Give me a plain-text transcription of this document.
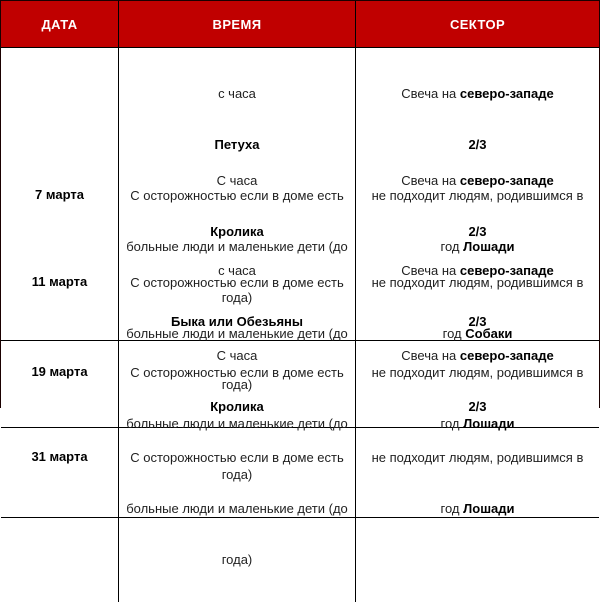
ДАТА	ВРЕМЯ	СЕКТОР
7 марта

с часа

Петуха

С осторожностью если в доме есть

больные люди и маленькие дети (до

года)

Свеча на северо-западе

2/3

не подходит людям, родившимся в

год Лошади

11 марта

С часа

Кролика

С осторожностью если в доме есть

больные люди и маленькие дети (до

года)

Свеча на северо-западе

2/3

не подходит людям, родившимся в

год Собаки

19 марта

с часа

Быка или Обезьяны

С осторожностью если в доме есть

больные люди и маленькие дети (до

года)

Свеча на северо-западе

2/3

не подходит людям, родившимся в

год Лошади

31 марта

С часа

Кролика

С осторожностью если в доме есть

больные люди и маленькие дети (до

года)

Свеча на северо-западе

2/3

не подходит людям, родившимся в

год Лошади
